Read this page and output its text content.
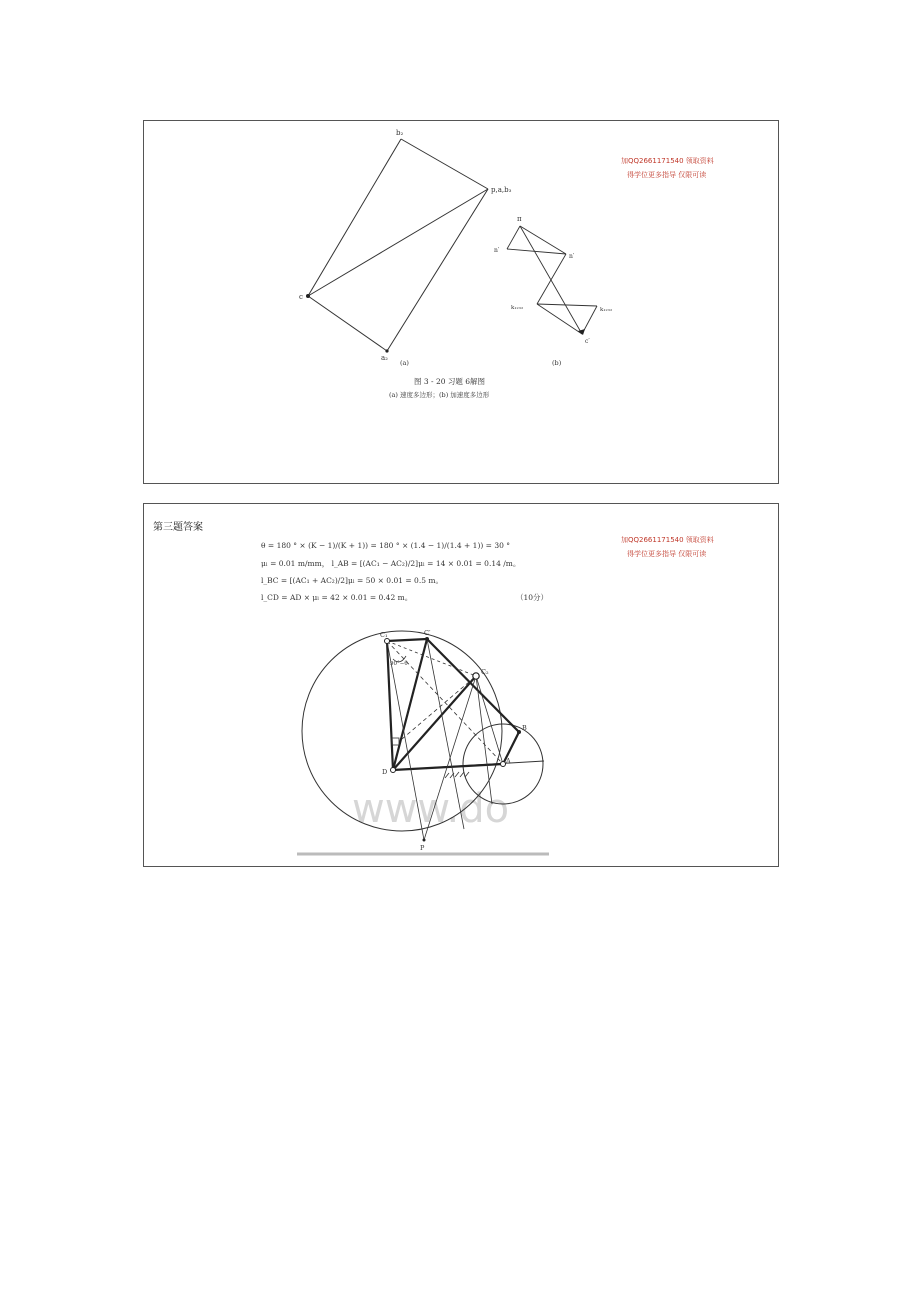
加QQ2661171540 领取资料
得学位更多指导 仅限可读
b₂
p,a,b₃
c
a₂
(a)
π
n′
n′
k₁₂₃₂	k₁₂₃₂
c′
(b)
图 3 - 20 习题 6解图
(a) 速度多边形；(b) 加速度多边形
第三题答案
θ = 180 ° × (K − 1)/(K + 1)) = 180 ° × (1.4 − 1)/(1.4 + 1)) = 30 °
μₗ = 0.01 m/mm， l_AB = [(AC₁ − AC₂)/2]μₗ = 14 × 0.01 = 0.14 /m。
l_BC = [(AC₁ + AC₂)/2]μₗ = 50 × 0.01 = 0.5 m。
l_CD = AD × μₗ = 42 × 0.01 = 0.42 m。	（10分）
加QQ2661171540 领取资料
得学位更多指导 仅限可读
www.do
C₁	C′
C₂
B
D
A
P
90°−θ
